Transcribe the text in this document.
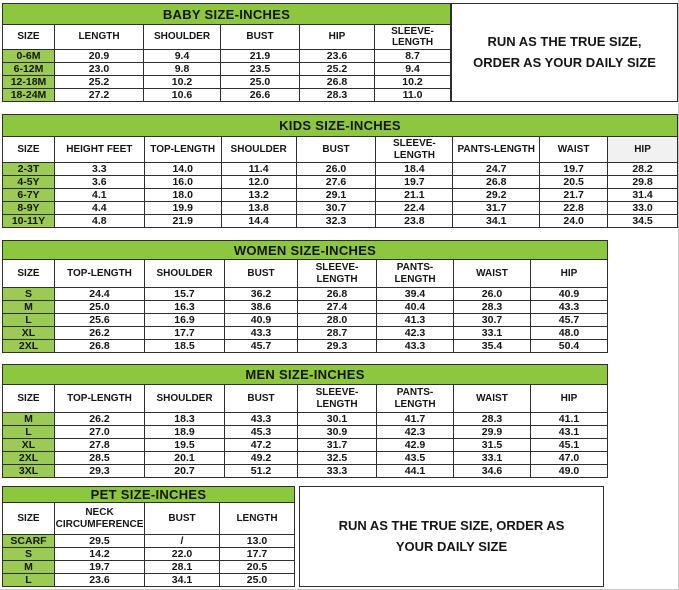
BABY SIZE-INCHES					
SIZE	LENGTH	SHOULDER	BUST	HIP	SLEEVE-LENGTH
0-6M	20.9	9.4	21.9	23.6	8.7
6-12M	23.0	9.8	23.5	25.2	9.4
12-18M	25.2	10.2	25.0	26.8	10.2
18-24M	27.2	10.6	26.6	28.3	11.0
RUN AS THE TRUE SIZE, ORDER AS YOUR DAILY SIZE
KIDS SIZE-INCHES								
SIZE	HEIGHT FEET	TOP-LENGTH	SHOULDER	BUST	SLEEVE-LENGTH	PANTS-LENGTH	WAIST	HIP
2-3T	3.3	14.0	11.4	26.0	18.4	24.7	19.7	28.2
4-5Y	3.6	16.0	12.0	27.6	19.7	26.8	20.5	29.8
6-7Y	4.1	18.0	13.2	29.1	21.1	29.2	21.7	31.4
8-9Y	4.4	19.9	13.8	30.7	22.4	31.7	22.8	33.0
10-11Y	4.8	21.9	14.4	32.3	23.8	34.1	24.0	34.5
WOMEN SIZE-INCHES							
SIZE	TOP-LENGTH	SHOULDER	BUST	SLEEVE-LENGTH	PANTS-LENGTH	WAIST	HIP
S	24.4	15.7	36.2	26.8	39.4	26.0	40.9
M	25.0	16.3	38.6	27.4	40.4	28.3	43.3
L	25.6	16.9	40.9	28.0	41.3	30.7	45.7
XL	26.2	17.7	43.3	28.7	42.3	33.1	48.0
2XL	26.8	18.5	45.7	29.3	43.3	35.4	50.4
MEN SIZE-INCHES							
SIZE	TOP-LENGTH	SHOULDER	BUST	SLEEVE-LENGTH	PANTS-LENGTH	WAIST	HIP
M	26.2	18.3	43.3	30.1	41.7	28.3	41.1
L	27.0	18.9	45.3	30.9	42.3	29.9	43.1
XL	27.8	19.5	47.2	31.7	42.9	31.5	45.1
2XL	28.5	20.1	49.2	32.5	43.5	33.1	47.0
3XL	29.3	20.7	51.2	33.3	44.1	34.6	49.0
PET SIZE-INCHES			
SIZE	NECK CIRCUMFERENCE	BUST	LENGTH
SCARF	29.5	/	13.0
S	14.2	22.0	17.7
M	19.7	28.1	20.5
L	23.6	34.1	25.0
RUN AS THE TRUE SIZE, ORDER AS YOUR DAILY SIZE
